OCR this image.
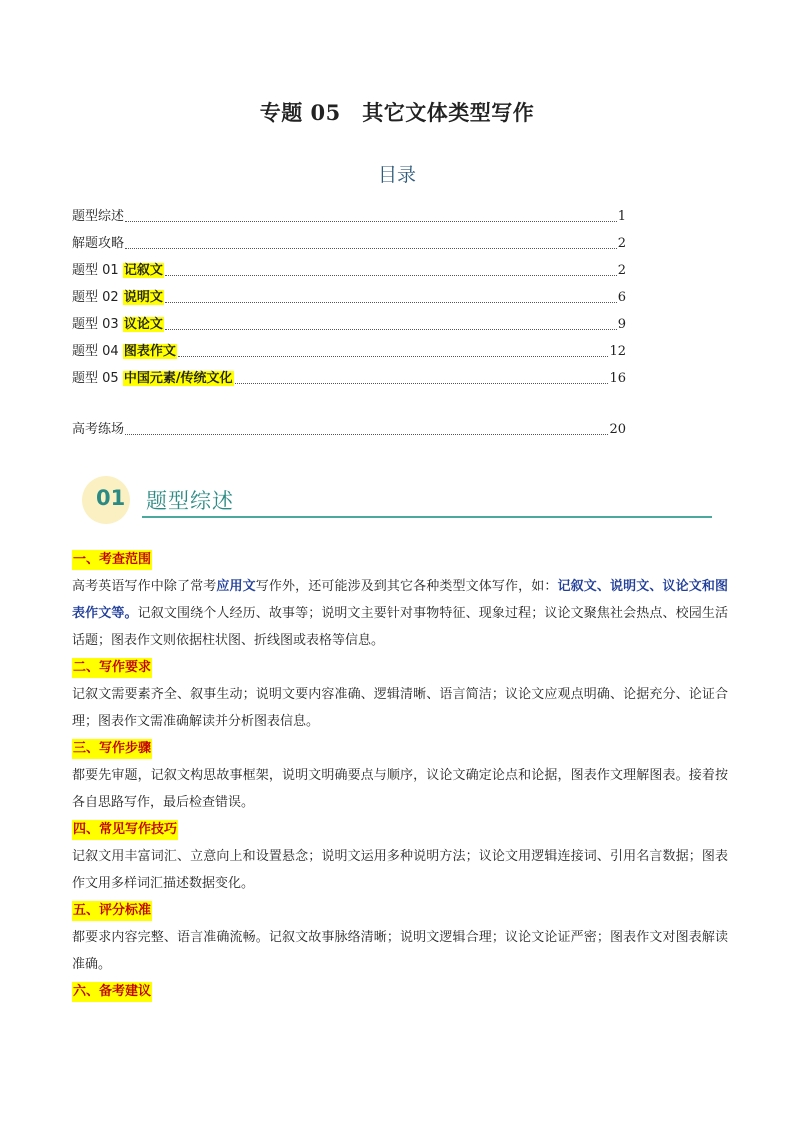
专题 05　其它文体类型写作
目录
题型综述	1
解题攻略	2
题型 01 记叙文	2
题型 02 说明文	6
题型 03 议论文	9
题型 04 图表作文	12
题型 05 中国元素/传统文化	16
高考练场	20
01 题型综述
一、考查范围

高考英语写作中除了常考应用文写作外，还可能涉及到其它各种类型文体写作，如：记叙文、说明文、议论文和图表作文等。记叙文围绕个人经历、故事等；说明文主要针对事物特征、现象过程；议论文聚焦社会热点、校园生活话题；图表作文则依据柱状图、折线图或表格等信息。

二、写作要求

记叙文需要素齐全、叙事生动；说明文要内容准确、逻辑清晰、语言简洁；议论文应观点明确、论据充分、论证合理；图表作文需准确解读并分析图表信息。

三、写作步骤

都要先审题，记叙文构思故事框架，说明文明确要点与顺序，议论文确定论点和论据，图表作文理解图表。接着按各自思路写作，最后检查错误。

四、常见写作技巧

记叙文用丰富词汇、立意向上和设置悬念；说明文运用多种说明方法；议论文用逻辑连接词、引用名言数据；图表作文用多样词汇描述数据变化。

五、评分标准

都要求内容完整、语言准确流畅。记叙文故事脉络清晰；说明文逻辑合理；议论文论证严密；图表作文对图表解读准确。

六、备考建议
